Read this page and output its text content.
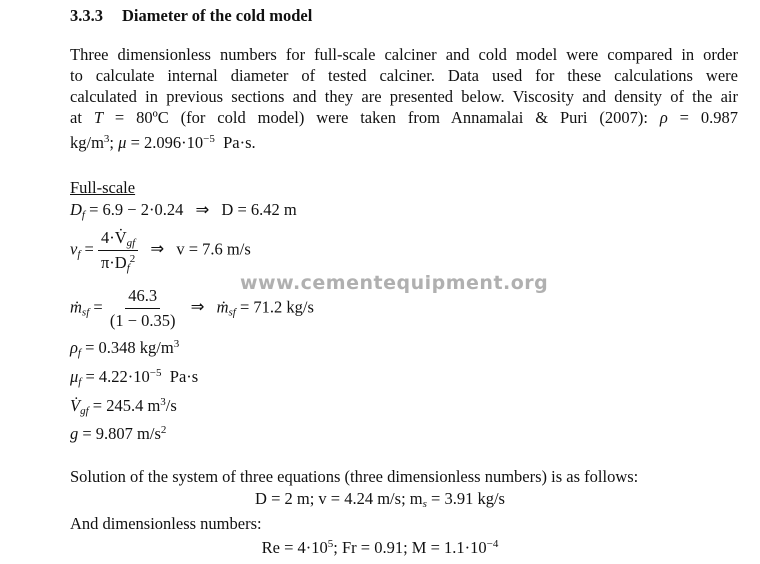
3.3.3 Diameter of the cold model
Three dimensionless numbers for full-scale calciner and cold model were compared in order
to calculate internal diameter of tested calciner. Data used for these calculations were
calculated in previous sections and they are presented below. Viscosity and density of the air
at T = 80ºC (for cold model) were taken from Annamalai & Puri (2007): ρ = 0.987
$kg/m^3$; $\mu = 2.096\cdot 10^{-5}$ Pa·s.
Full-scale
$D_f = 6.9 - 2\cdot 0.24$ ⇒ D = 6.42 m
$v_f = \frac{4\cdot V̇_{gf}}{\pi\cdot D_f^2}$ ⇒ v = 7.6 m/s
ṁ$_{sf}$ = $\frac{46.3}{(1 - 0.35)}$ ⇒ ṁ$_{sf}$ = 71.2 kg/s
$\rho_f = 0.348$ $kg/m^3$
$\mu_f = 4.22\cdot 10^{-5}$ Pa·s
$V̇_{gf} = 245.4$ $m^3/s$
g = 9.807 $m/s^2$
www.cementequipment.org
Solution of the system of three equations (three dimensionless numbers) is as follows:
D = 2 m; v = 4.24 m/s; $m_s = 3.91$ kg/s
And dimensionless numbers:
$Re = 4\cdot 10^5$; Fr = 0.91; $M = 1.1\cdot 10^{-4}$
